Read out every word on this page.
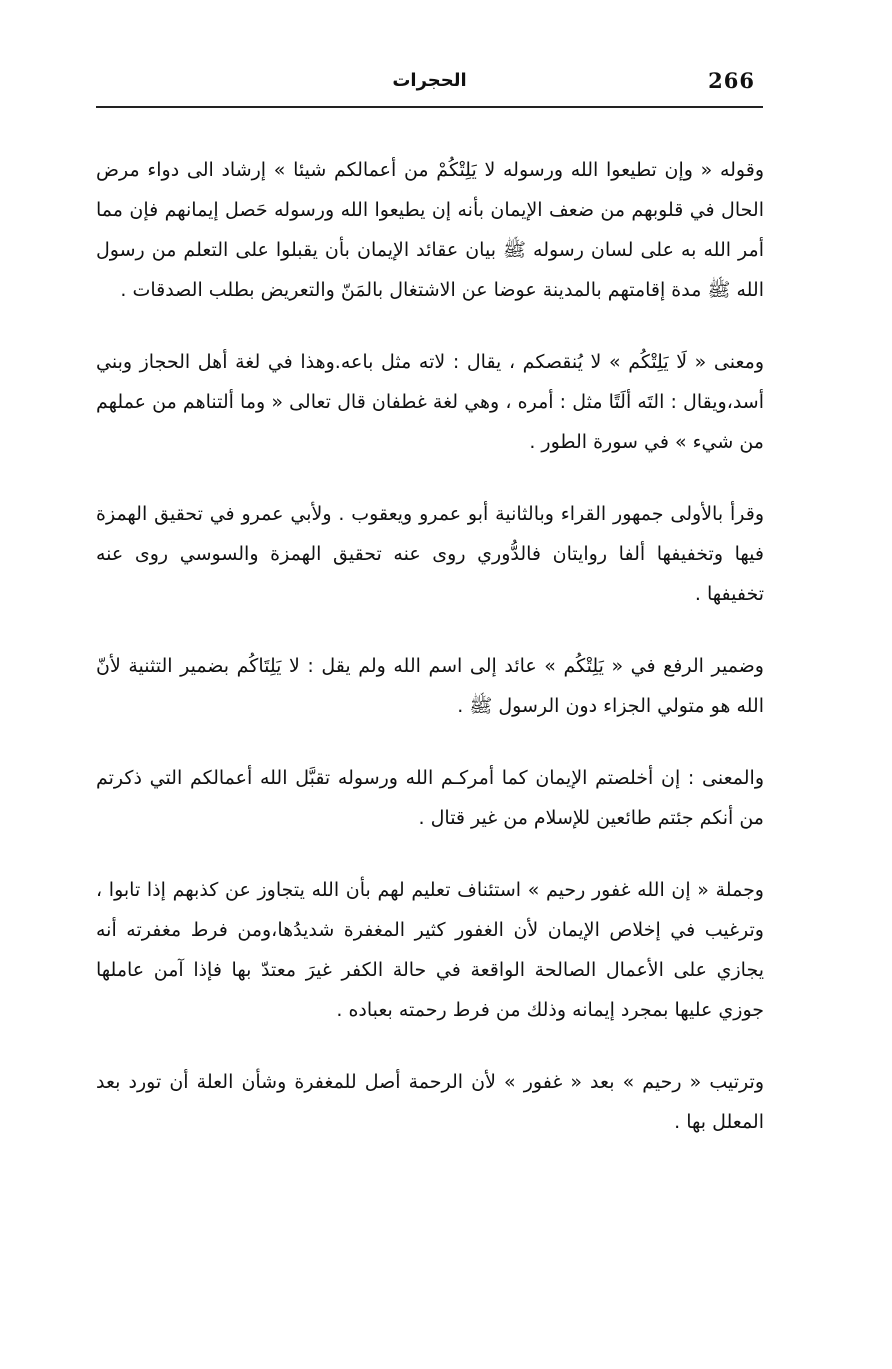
266
الحجرات

وقوله « وإن تطيعوا الله ورسوله لا يَلِتْكُمْ من أعمالكم شيئا » إرشاد الى دواء مرض الحال في قلوبهم من ضعف الإيمان بأنه إن يطيعوا الله ورسوله حَصل إيمانهم فإن مما أمر الله به على لسان رسوله ﷺ بيان عقائد الإيمان بأن يقبلوا على التعلم من رسول الله ﷺ مدة إقامتهم بالمدينة عوضا عن الاشتغال بالمَنّ والتعريض بطلب الصدقات .

ومعنى « لَا يَلِتْكُم » لا يُنقصكم ، يقال : لاته مثل باعه.وهذا في لغة أهل الحجاز وبني أسد،ويقال : التَه ألَتًا مثل : أمره ، وهي لغة غطفان قال تعالى « وما ألتناهم من عملهم من شيء » في سورة الطور .

وقرأ بالأولى جمهور القراء وبالثانية أبو عمرو ويعقوب . ولأبي عمرو في تحقيق الهمزة فيها وتخفيفها ألفا روايتان فالدُّوري روى عنه تحقيق الهمزة والسوسي روى عنه تخفيفها .

وضمير الرفع في « يَلِتْكُم » عائد إلى اسم الله ولم يقل : لا يَلِتَاكُم بضمير التثنية لأنّ الله هو متولي الجزاء دون الرسول ﷺ .

والمعنى : إن أخلصتم الإيمان كما أمركـم الله ورسوله تقبَّل الله أعمالكم التي ذكرتم من أنكم جئتم طائعين للإسلام من غير قتال .

وجملة « إن الله غفور رحيم » استئناف تعليم لهم بأن الله يتجاوز عن كذبهم إذا تابوا ، وترغيب في إخلاص الإيمان لأن الغفور كثير المغفرة شديدُها،ومن فرط مغفرته أنه يجازي على الأعمال الصالحة الواقعة في حالة الكفر غيرَ معتدّ بها فإذا آمن عاملها جوزي عليها بمجرد إيمانه وذلك من فرط رحمته بعباده .

وترتيب « رحيم » بعد « غفور » لأن الرحمة أصل للمغفرة وشأن العلة أن تورد بعد المعلل بها .
